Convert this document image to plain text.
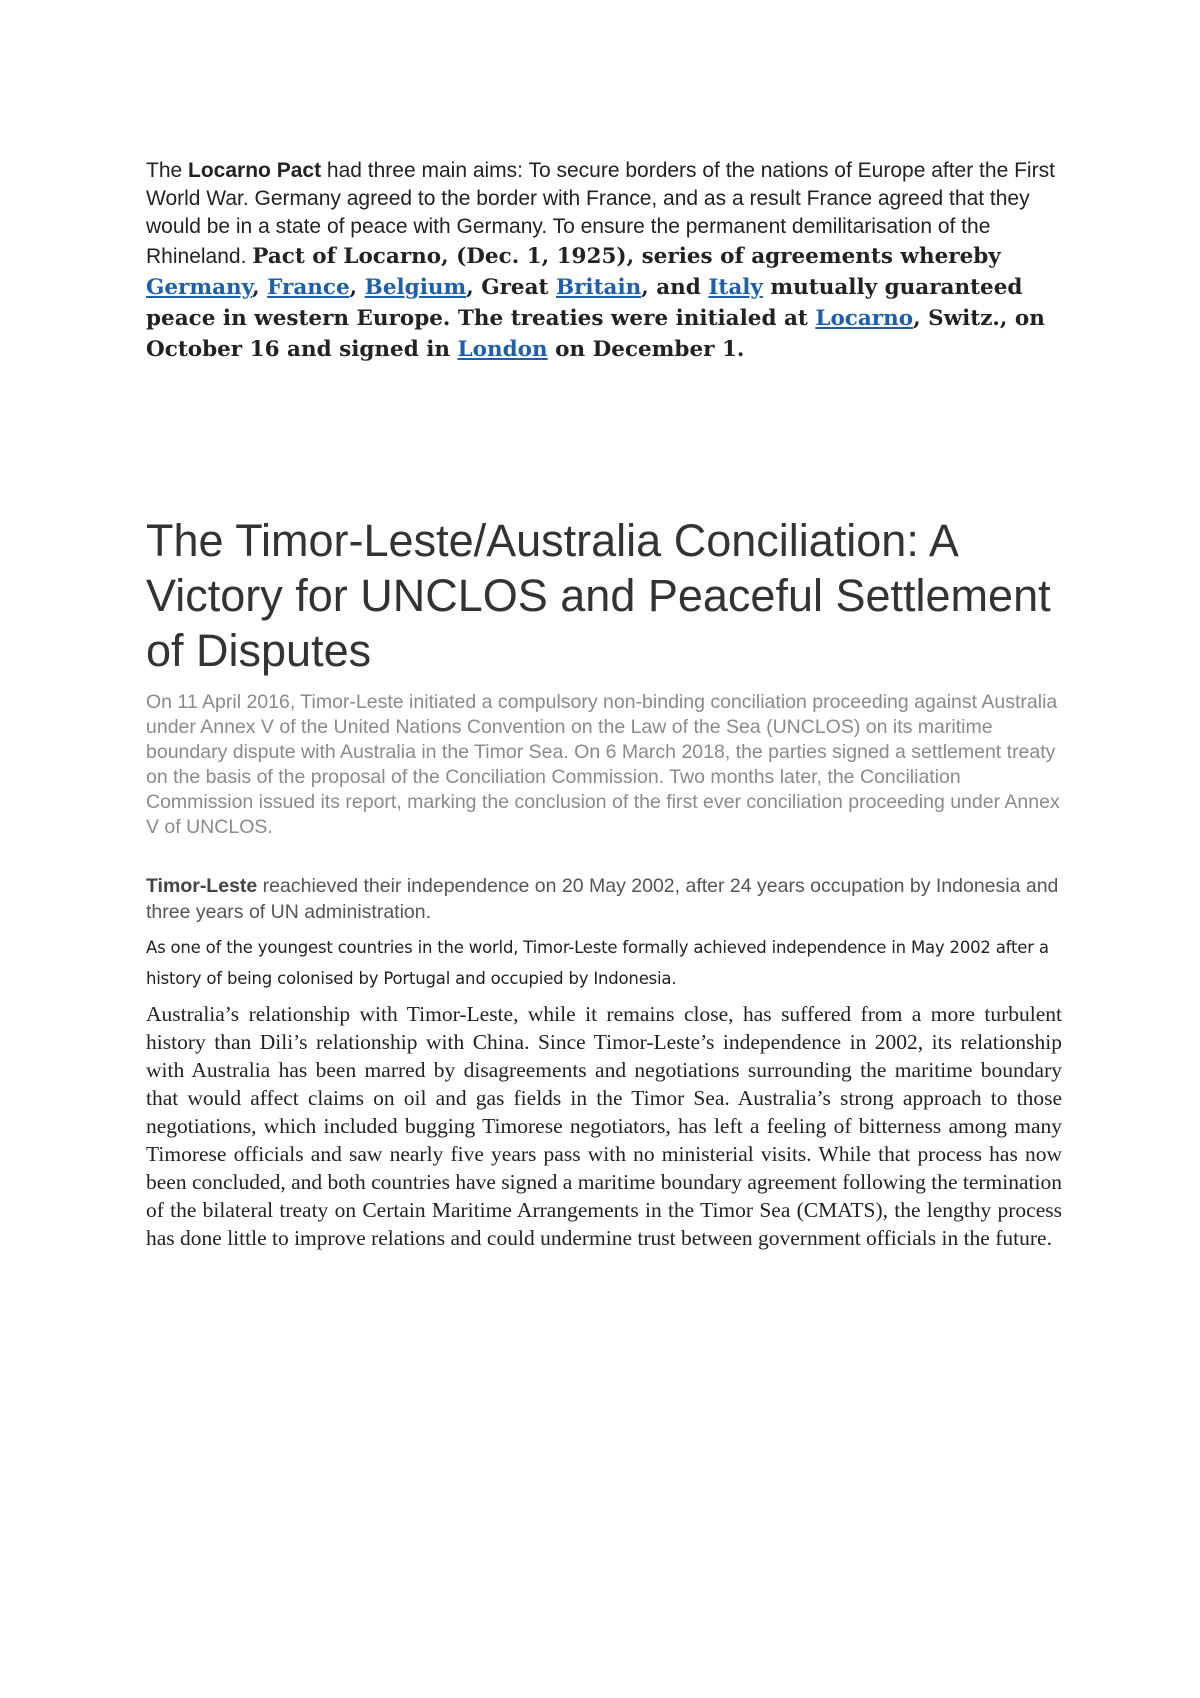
The Locarno Pact had three main aims: To secure borders of the nations of Europe after the First World War. Germany agreed to the border with France, and as a result France agreed that they would be in a state of peace with Germany. To ensure the permanent demilitarisation of the Rhineland. Pact of Locarno, (Dec. 1, 1925), series of agreements whereby Germany, France, Belgium, Great Britain, and Italy mutually guaranteed peace in western Europe. The treaties were initialed at Locarno, Switz., on October 16 and signed in London on December 1.

The Timor-Leste/Australia Conciliation: A Victory for UNCLOS and Peaceful Settlement of Disputes

On 11 April 2016, Timor-Leste initiated a compulsory non-binding conciliation proceeding against Australia under Annex V of the United Nations Convention on the Law of the Sea (UNCLOS) on its maritime boundary dispute with Australia in the Timor Sea. On 6 March 2018, the parties signed a settlement treaty on the basis of the proposal of the Conciliation Commission. Two months later, the Conciliation Commission issued its report, marking the conclusion of the first ever conciliation proceeding under Annex V of UNCLOS.

Timor-Leste reachieved their independence on 20 May 2002, after 24 years occupation by Indonesia and three years of UN administration.

As one of the youngest countries in the world, Timor-Leste formally achieved independence in May 2002 after a history of being colonised by Portugal and occupied by Indonesia.

Australia’s relationship with Timor-Leste, while it remains close, has suffered from a more turbulent history than Dili’s relationship with China. Since Timor-Leste’s independence in 2002, its relationship with Australia has been marred by disagreements and negotiations surrounding the maritime boundary that would affect claims on oil and gas fields in the Timor Sea. Australia’s strong approach to those negotiations, which included bugging Timorese negotiators, has left a feeling of bitterness among many Timorese officials and saw nearly five years pass with no ministerial visits. While that process has now been concluded, and both countries have signed a maritime boundary agreement following the termination of the bilateral treaty on Certain Maritime Arrangements in the Timor Sea (CMATS), the lengthy process has done little to improve relations and could undermine trust between government officials in the future.
